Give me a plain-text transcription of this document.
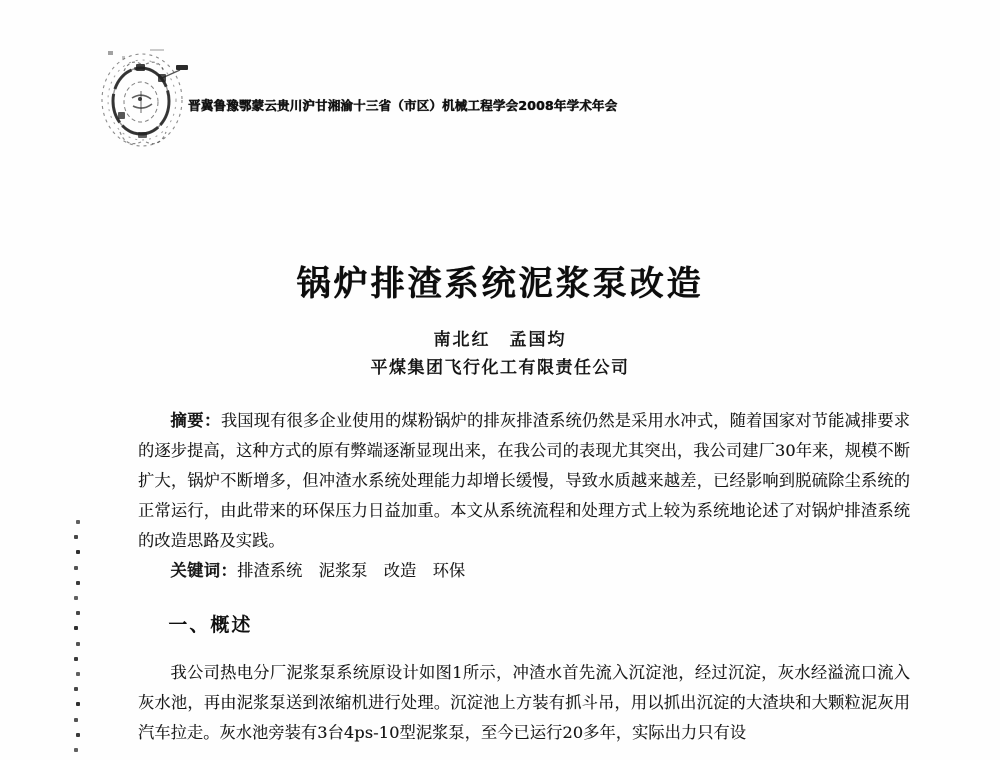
晋冀鲁豫鄂蒙云贵川沪甘湘渝十三省（市区）机械工程学会2008年学术年会
锅炉排渣系统泥浆泵改造
南北红　孟国均
平煤集团飞行化工有限责任公司
摘要：我国现有很多企业使用的煤粉锅炉的排灰排渣系统仍然是采用水冲式，随着国家对节能减排要求的逐步提高，这种方式的原有弊端逐渐显现出来，在我公司的表现尤其突出，我公司建厂30年来，规模不断扩大，锅炉不断增多，但冲渣水系统处理能力却增长缓慢，导致水质越来越差，已经影响到脱硫除尘系统的正常运行，由此带来的环保压力日益加重。本文从系统流程和处理方式上较为系统地论述了对锅炉排渣系统的改造思路及实践。
关键词：排渣系统　泥浆泵　改造　环保
一、概述
我公司热电分厂泥浆泵系统原设计如图1所示，冲渣水首先流入沉淀池，经过沉淀，灰水经溢流口流入灰水池，再由泥浆泵送到浓缩机进行处理。沉淀池上方装有抓斗吊，用以抓出沉淀的大渣块和大颗粒泥灰用汽车拉走。灰水池旁装有3台4ps-10型泥浆泵，至今已运行20多年，实际出力只有设
